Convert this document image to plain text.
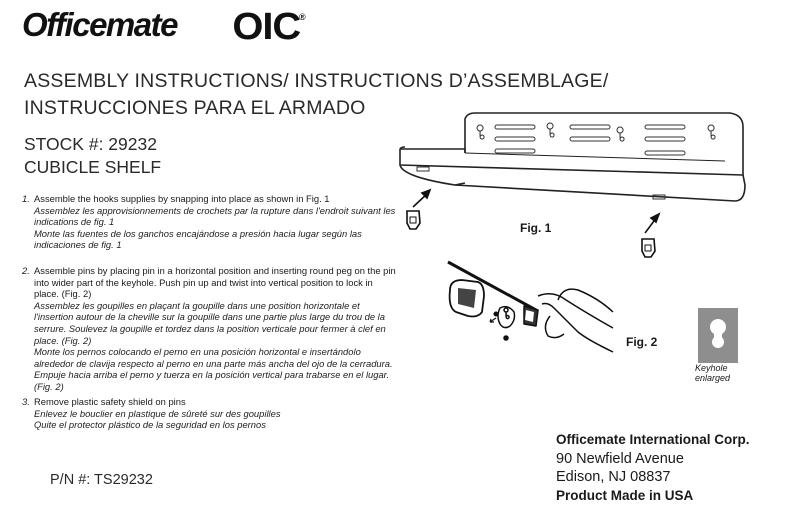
Officemate OIC
®
ASSEMBLY INSTRUCTIONS/ INSTRUCTIONS D’ASSEMBLAGE/
INSTRUCCIONES PARA EL ARMADO
STOCK #: 29232
CUBICLE SHELF
1. Assemble the hooks supplies by snapping into place as shown in Fig. 1
Assemblez les approvisionnements de crochets par la rupture dans l'endroit suivant les indications de fig. 1
Monte las fuentes de los ganchos encajándose a presión hacia lugar según las indicaciones de fig. 1
2. Assemble pins by placing pin in a horizontal position and inserting round peg on the pin into wider part of the keyhole. Push pin up and twist into vertical position to lock in place. (Fig. 2)
Assemblez les goupilles en plaçant la goupille dans une position horizontale et l'insertion autour de la cheville sur la goupille dans une partie plus large du trou de la serrure. Soulevez la goupille et tordez dans la position verticale pour fermer à clef en place. (Fig. 2)
Monte los pernos colocando el perno en una posición horizontal e insertándolo alrededor de clavija respecto al perno en una parte más ancha del ojo de la cerradura. Empuje hacia arriba el perno y tuerza en la posición vertical para trabarse en el lugar. (Fig. 2)
3. Remove plastic safety shield on pins
Enlevez le bouclier en plastique de sûreté sur des goupilles
Quite el protector plástico de la seguridad en los pernos
Fig. 1
Fig. 2
Keyhole enlarged
P/N #: TS29232
Officemate International Corp.
90 Newfield Avenue
Edison, NJ 08837
Product Made in USA
